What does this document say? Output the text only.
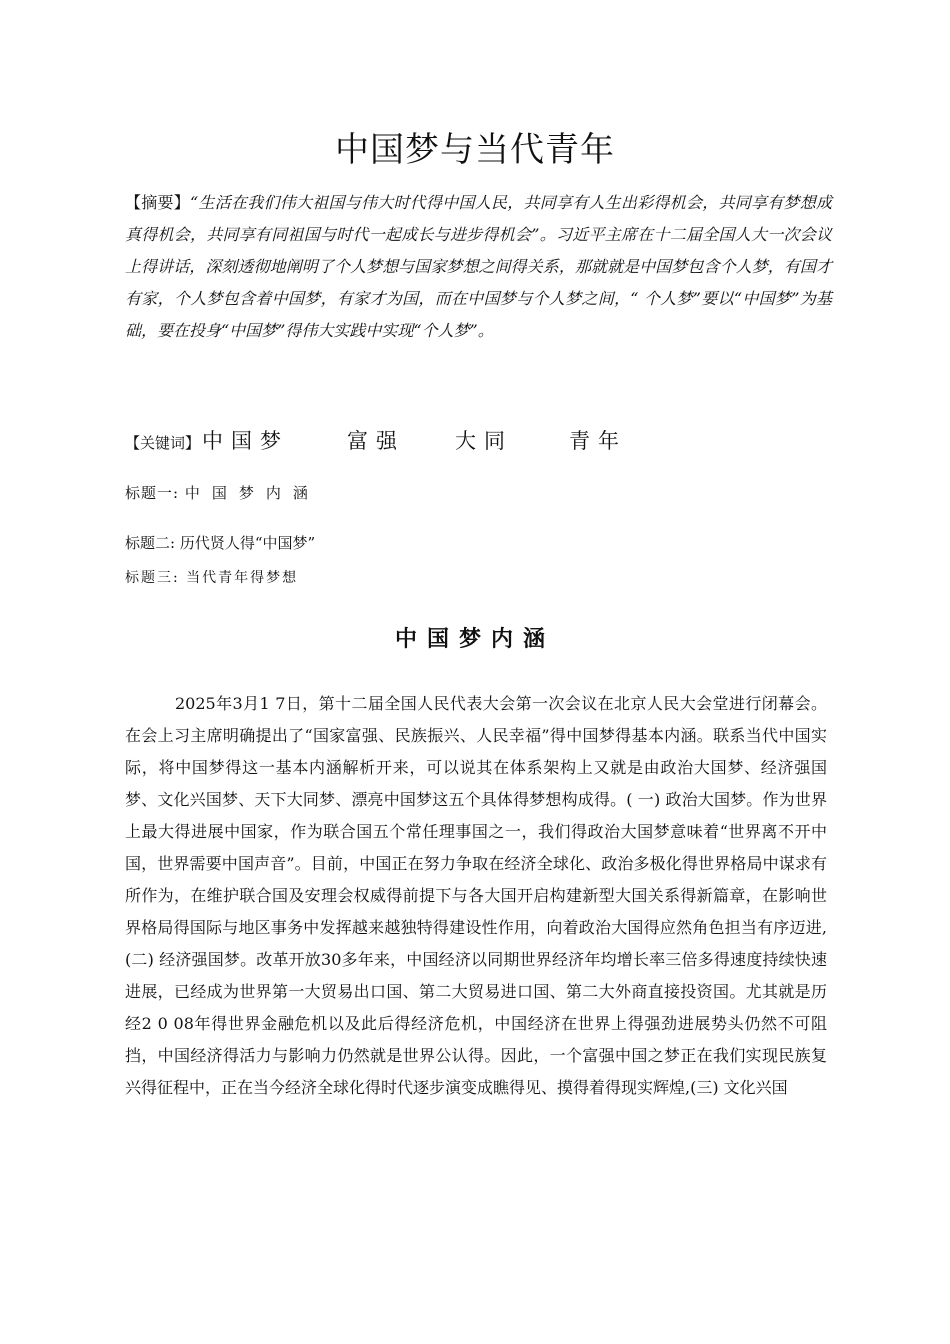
中国梦与当代青年
【摘要】“生活在我们伟大祖国与伟大时代得中国人民，共同享有人生出彩得机会，共同享有梦想成真得机会，共同享有同祖国与时代一起成长与进步得机会”。习近平主席在十二届全国人大一次会议上得讲话，深刻透彻地阐明了个人梦想与国家梦想之间得关系，那就就是中国梦包含个人梦，有国才有家，个人梦包含着中国梦，有家才为国，而在中国梦与个人梦之间，“ 个人梦”要以“中国梦”为基础，要在投身“中国梦”得伟大实践中实现“个人梦”。
【关键词】中国梦	富强 大同	青年
标题一: 中国梦内涵
标题二: 历代贤人得“中国梦”
标题三: 当代青年得梦想
中国梦内涵
2025年3月1 7日，第十二届全国人民代表大会第一次会议在北京人民大会堂进行闭幕会。在会上习主席明确提出了“国家富强、民族振兴、人民幸福”得中国梦得基本内涵。联系当代中国实际，将中国梦得这一基本内涵解析开来，可以说其在体系架构上又就是由政治大国梦、经济强国梦、文化兴国梦、天下大同梦、漂亮中国梦这五个具体得梦想构成得。( 一) 政治大国梦。作为世界上最大得进展中国家，作为联合国五个常任理事国之一，我们得政治大国梦意味着“世界离不开中国，世界需要中国声音”。目前，中国正在努力争取在经济全球化、政治多极化得世界格局中谋求有所作为，在维护联合国及安理会权威得前提下与各大国开启构建新型大国关系得新篇章，在影响世界格局得国际与地区事务中发挥越来越独特得建设性作用，向着政治大国得应然角色担当有序迈进,(二) 经济强国梦。改革开放30多年来，中国经济以同期世界经济年均增长率三倍多得速度持续快速进展，已经成为世界第一大贸易出口国、第二大贸易进口国、第二大外商直接投资国。尤其就是历经2 0 08年得世界金融危机以及此后得经济危机，中国经济在世界上得强劲进展势头仍然不可阻挡，中国经济得活力与影响力仍然就是世界公认得。因此，一个富强中国之梦正在我们实现民族复兴得征程中，正在当今经济全球化得时代逐步演变成瞧得见、摸得着得现实辉煌,(三) 文化兴国
